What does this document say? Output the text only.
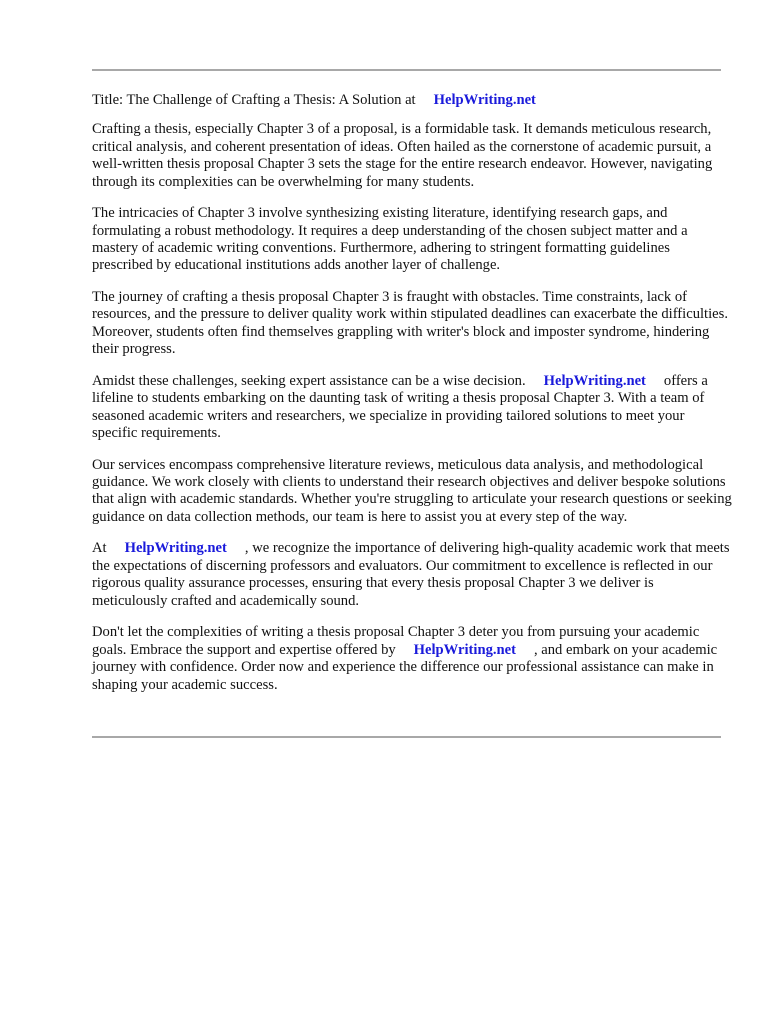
Title: The Challenge of Crafting a Thesis: A Solution at HelpWriting.net

Crafting a thesis, especially Chapter 3 of a proposal, is a formidable task. It demands meticulous research, critical analysis, and coherent presentation of ideas. Often hailed as the cornerstone of academic pursuit, a well-written thesis proposal Chapter 3 sets the stage for the entire research endeavor. However, navigating through its complexities can be overwhelming for many students.

The intricacies of Chapter 3 involve synthesizing existing literature, identifying research gaps, and formulating a robust methodology. It requires a deep understanding of the chosen subject matter and a mastery of academic writing conventions. Furthermore, adhering to stringent formatting guidelines prescribed by educational institutions adds another layer of challenge.

The journey of crafting a thesis proposal Chapter 3 is fraught with obstacles. Time constraints, lack of resources, and the pressure to deliver quality work within stipulated deadlines can exacerbate the difficulties. Moreover, students often find themselves grappling with writer's block and imposter syndrome, hindering their progress.

Amidst these challenges, seeking expert assistance can be a wise decision. HelpWriting.net offers a lifeline to students embarking on the daunting task of writing a thesis proposal Chapter 3. With a team of seasoned academic writers and researchers, we specialize in providing tailored solutions to meet your specific requirements.

Our services encompass comprehensive literature reviews, meticulous data analysis, and methodological guidance. We work closely with clients to understand their research objectives and deliver bespoke solutions that align with academic standards. Whether you're struggling to articulate your research questions or seeking guidance on data collection methods, our team is here to assist you at every step of the way.

At HelpWriting.net , we recognize the importance of delivering high-quality academic work that meets the expectations of discerning professors and evaluators. Our commitment to excellence is reflected in our rigorous quality assurance processes, ensuring that every thesis proposal Chapter 3 we deliver is meticulously crafted and academically sound.

Don't let the complexities of writing a thesis proposal Chapter 3 deter you from pursuing your academic goals. Embrace the support and expertise offered by HelpWriting.net , and embark on your academic journey with confidence. Order now and experience the difference our professional assistance can make in shaping your academic success.
